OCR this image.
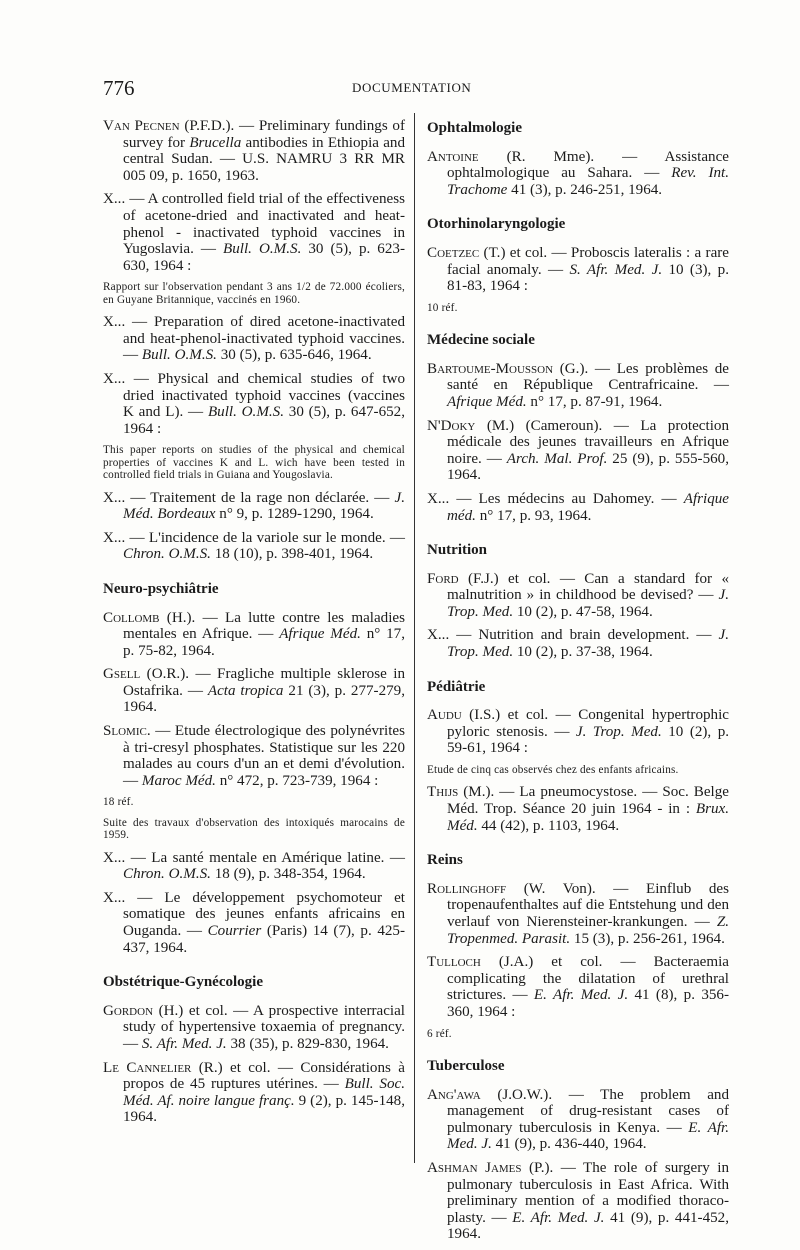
776	DOCUMENTATION
Van Pecnen (P.F.D.). — Preliminary fundings of survey for Brucella antibodies in Ethiopia and central Sudan. — U.S. NAMRU 3 RR MR 005 09, p. 1650, 1963.
X... — A controlled field trial of the effectiveness of acetone-dried and inactivated and heat-phenol - inactivated typhoid vaccines in Yugoslavia. — Bull. O.M.S. 30 (5), p. 623-630, 1964 :
Rapport sur l'observation pendant 3 ans 1/2 de 72.000 écoliers, en Guyane Britannique, vaccinés en 1960.
X... — Preparation of dired acetone-inactivated and heat-phenol-inactivated typhoid vaccines. — Bull. O.M.S. 30 (5), p. 635-646, 1964.
X... — Physical and chemical studies of two dried inactivated typhoid vaccines (vaccines K and L). — Bull. O.M.S. 30 (5), p. 647-652, 1964 :
This paper reports on studies of the physical and chemical properties of vaccines K and L. wich have been tested in controlled field trials in Guiana and Yougoslavia.
X... — Traitement de la rage non déclarée. — J. Méd. Bordeaux n° 9, p. 1289-1290, 1964.
X... — L'incidence de la variole sur le monde. — Chron. O.M.S. 18 (10), p. 398-401, 1964.
Neuro-psychiâtrie
Collomb (H.). — La lutte contre les maladies mentales en Afrique. — Afrique Méd. n° 17, p. 75-82, 1964.
Gsell (O.R.). — Fragliche multiple sklerose in Ostafrika. — Acta tropica 21 (3), p. 277-279, 1964.
Slomic. — Etude électrologique des polynévrites à tri-cresyl phosphates. Statistique sur les 220 malades au cours d'un an et demi d'évolution. — Maroc Méd. n° 472, p. 723-739, 1964 :
18 réf.
Suite des travaux d'observation des intoxiqués marocains de 1959.
X... — La santé mentale en Amérique latine. — Chron. O.M.S. 18 (9), p. 348-354, 1964.
X... — Le développement psychomoteur et somatique des jeunes enfants africains en Ouganda. — Courrier (Paris) 14 (7), p. 425-437, 1964.
Obstétrique-Gynécologie
Gordon (H.) et col. — A prospective interracial study of hypertensive toxaemia of pregnancy. — S. Afr. Med. J. 38 (35), p. 829-830, 1964.
Le Cannelier (R.) et col. — Considérations à propos de 45 ruptures utérines. — Bull. Soc. Méd. Af. noire langue franç. 9 (2), p. 145-148, 1964.
Ophtalmologie
Antoine (R. Mme). — Assistance ophtalmologique au Sahara. — Rev. Int. Trachome 41 (3), p. 246-251, 1964.
Otorhinolaryngologie
Coetzec (T.) et col. — Proboscis lateralis : a rare facial anomaly. — S. Afr. Med. J. 10 (3), p. 81-83, 1964 :
10 réf.
Médecine sociale
Bartoume-Mousson (G.). — Les problèmes de santé en République Centrafricaine. — Afrique Méd. n° 17, p. 87-91, 1964.
N'Doky (M.) (Cameroun). — La protection médicale des jeunes travailleurs en Afrique noire. — Arch. Mal. Prof. 25 (9), p. 555-560, 1964.
X... — Les médecins au Dahomey. — Afrique méd. n° 17, p. 93, 1964.
Nutrition
Ford (F.J.) et col. — Can a standard for « malnutrition » in childhood be devised? — J. Trop. Med. 10 (2), p. 47-58, 1964.
X... — Nutrition and brain development. — J. Trop. Med. 10 (2), p. 37-38, 1964.
Pédiâtrie
Audu (I.S.) et col. — Congenital hypertrophic pyloric stenosis. — J. Trop. Med. 10 (2), p. 59-61, 1964 :
Etude de cinq cas observés chez des enfants africains.
Thijs (M.). — La pneumocystose. — Soc. Belge Méd. Trop. Séance 20 juin 1964 - in : Brux. Méd. 44 (42), p. 1103, 1964.
Reins
Rollinghoff (W. Von). — Einflub des tropenaufenthaltes auf die Entstehung und den verlauf von Nierensteiner-krankungen. — Z. Tropenmed. Parasit. 15 (3), p. 256-261, 1964.
Tulloch (J.A.) et col. — Bacteraemia complicating the dilatation of urethral strictures. — E. Afr. Med. J. 41 (8), p. 356-360, 1964 :
6 réf.
Tuberculose
Ang'awa (J.O.W.). — The problem and management of drug-resistant cases of pulmonary tuberculosis in Kenya. — E. Afr. Med. J. 41 (9), p. 436-440, 1964.
Ashman James (P.). — The role of surgery in pulmonary tuberculosis in East Africa. With preliminary mention of a modified thoraco-plasty. — E. Afr. Med. J. 41 (9), p. 441-452, 1964.
